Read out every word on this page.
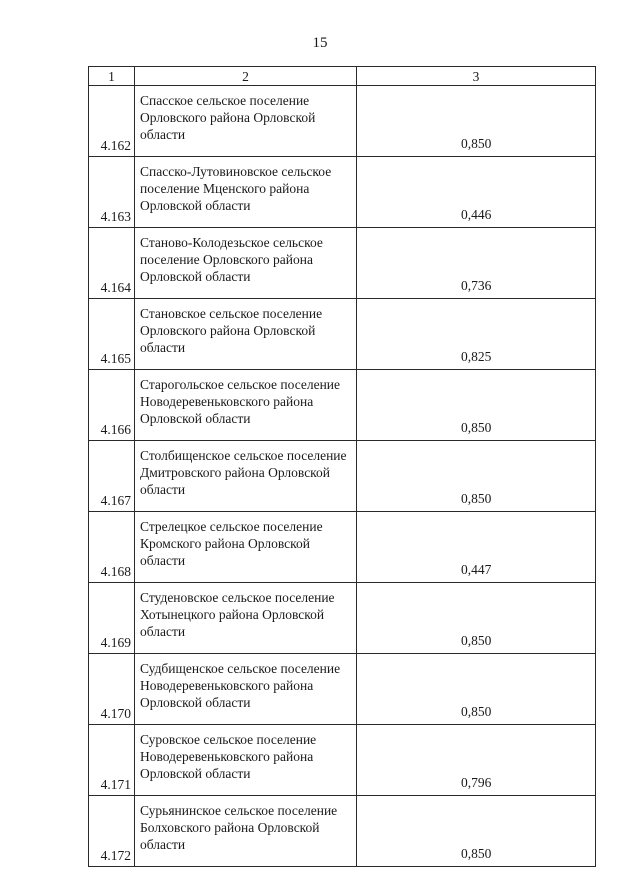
15
1	2	3
4.162	Спасское сельское поселение Орловского района Орловской области	0,850
4.163	Спасско-Лутовиновское сельское поселение Мценского района Орловской области	0,446
4.164	Станово-Колодезьское сельское поселение Орловского района Орловской области	0,736
4.165	Становское сельское поселение Орловского района Орловской области	0,825
4.166	Старогольское сельское поселение Новодеревеньковского района Орловской области	0,850
4.167	Столбищенское сельское поселение Дмитровского района Орловской области	0,850
4.168	Стрелецкое сельское поселение Кромского района Орловской области	0,447
4.169	Студеновское сельское поселение Хотынецкого района Орловской области	0,850
4.170	Судбищенское сельское поселение Новодеревеньковского района Орловской области	0,850
4.171	Суровское сельское поселение Новодеревеньковского района Орловской области	0,796
4.172	Сурьянинское сельское поселение Болховского района Орловской области	0,850
